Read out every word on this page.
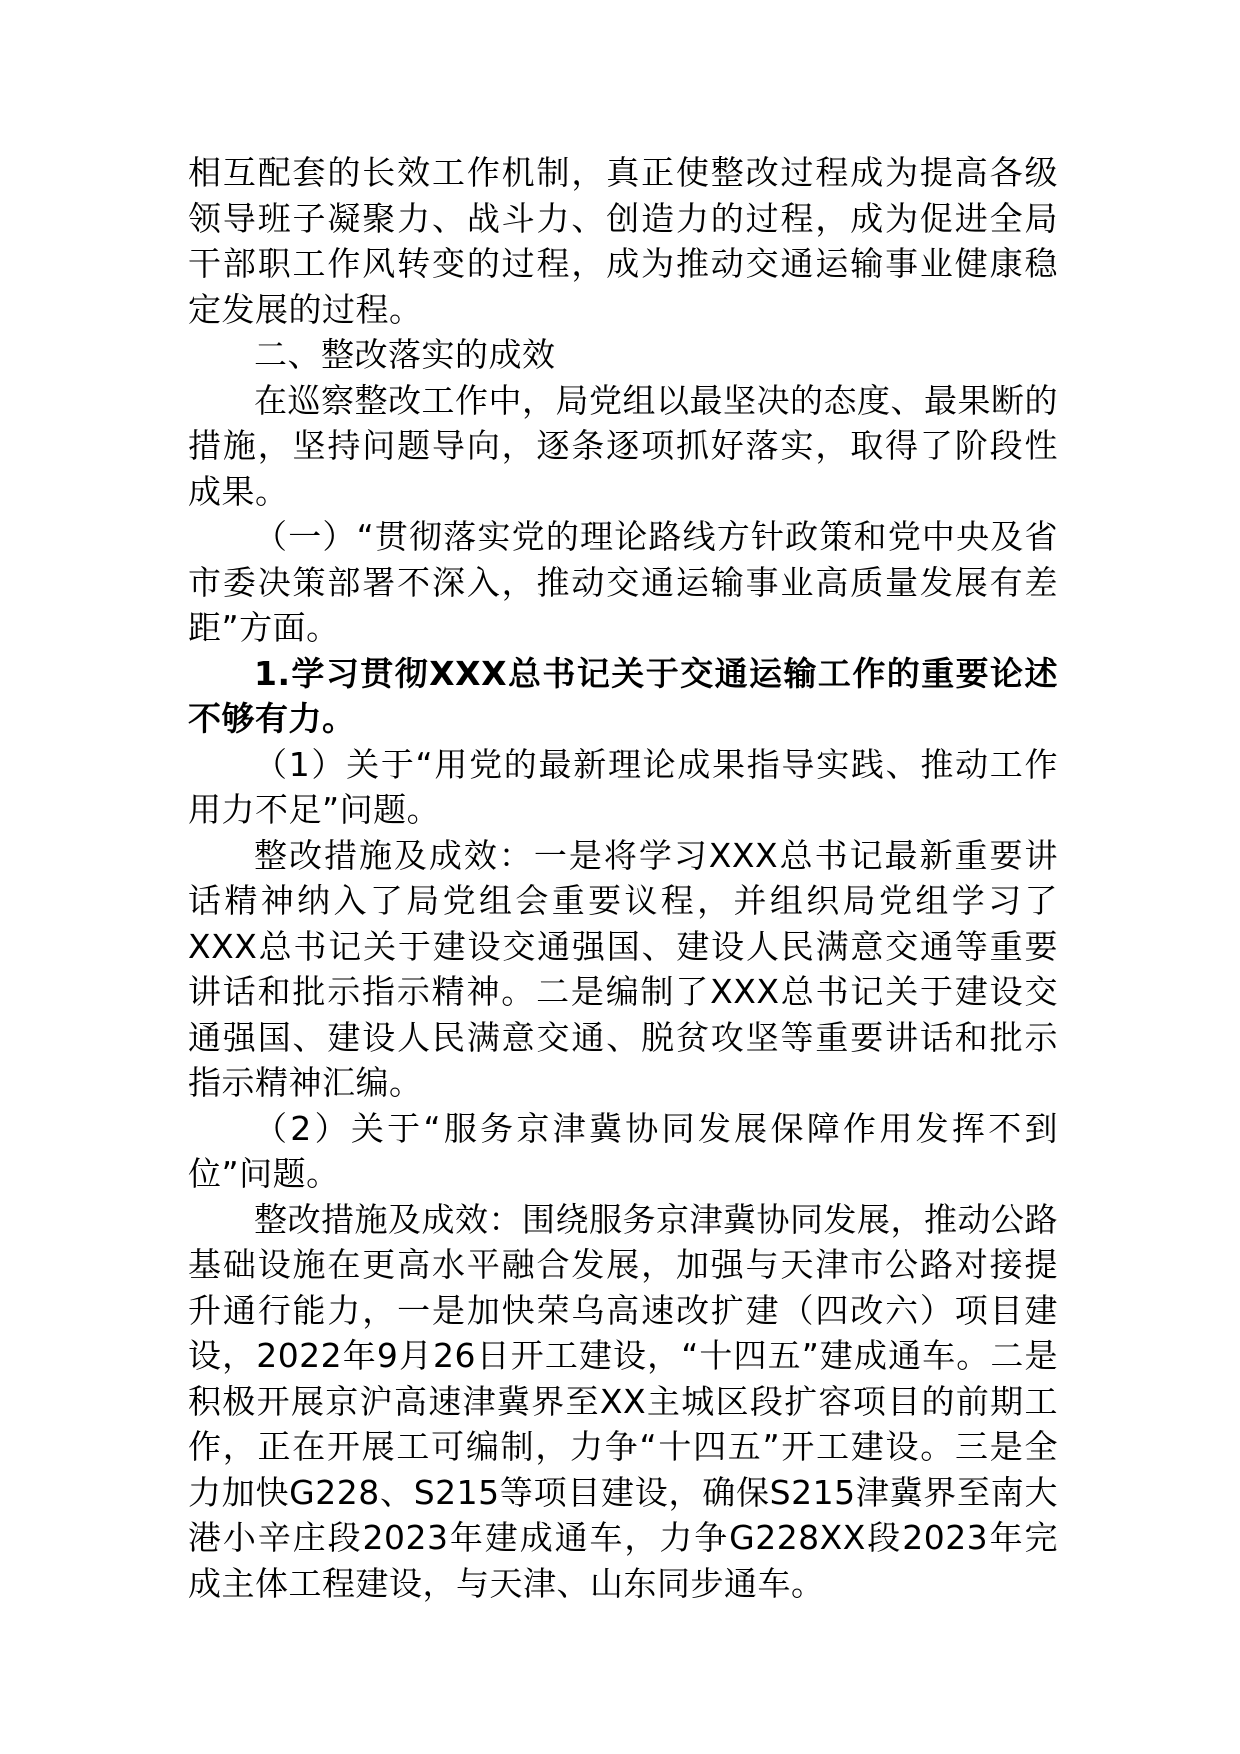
相互配套的长效工作机制，真正使整改过程成为提高各级领导班子凝聚力、战斗力、创造力的过程，成为促进全局干部职工作风转变的过程，成为推动交通运输事业健康稳定发展的过程。

二、整改落实的成效

在巡察整改工作中，局党组以最坚决的态度、最果断的措施，坚持问题导向，逐条逐项抓好落实，取得了阶段性成果。

（一）“贯彻落实党的理论路线方针政策和党中央及省市委决策部署不深入，推动交通运输事业高质量发展有差距”方面。

1.学习贯彻XXX总书记关于交通运输工作的重要论述不够有力。

（1）关于“用党的最新理论成果指导实践、推动工作用力不足”问题。

整改措施及成效：一是将学习XXX总书记最新重要讲话精神纳入了局党组会重要议程，并组织局党组学习了XXX总书记关于建设交通强国、建设人民满意交通等重要讲话和批示指示精神。二是编制了XXX总书记关于建设交通强国、建设人民满意交通、脱贫攻坚等重要讲话和批示指示精神汇编。

（2）关于“服务京津冀协同发展保障作用发挥不到位”问题。

整改措施及成效：围绕服务京津冀协同发展，推动公路基础设施在更高水平融合发展，加强与天津市公路对接提升通行能力，一是加快荣乌高速改扩建（四改六）项目建设，2022年9月26日开工建设，“十四五”建成通车。二是积极开展京沪高速津冀界至XX主城区段扩容项目的前期工作，正在开展工可编制，力争“十四五”开工建设。三是全力加快G228、S215等项目建设，确保S215津冀界至南大港小辛庄段2023年建成通车，力争G228XX段2023年完成主体工程建设，与天津、山东同步通车。
